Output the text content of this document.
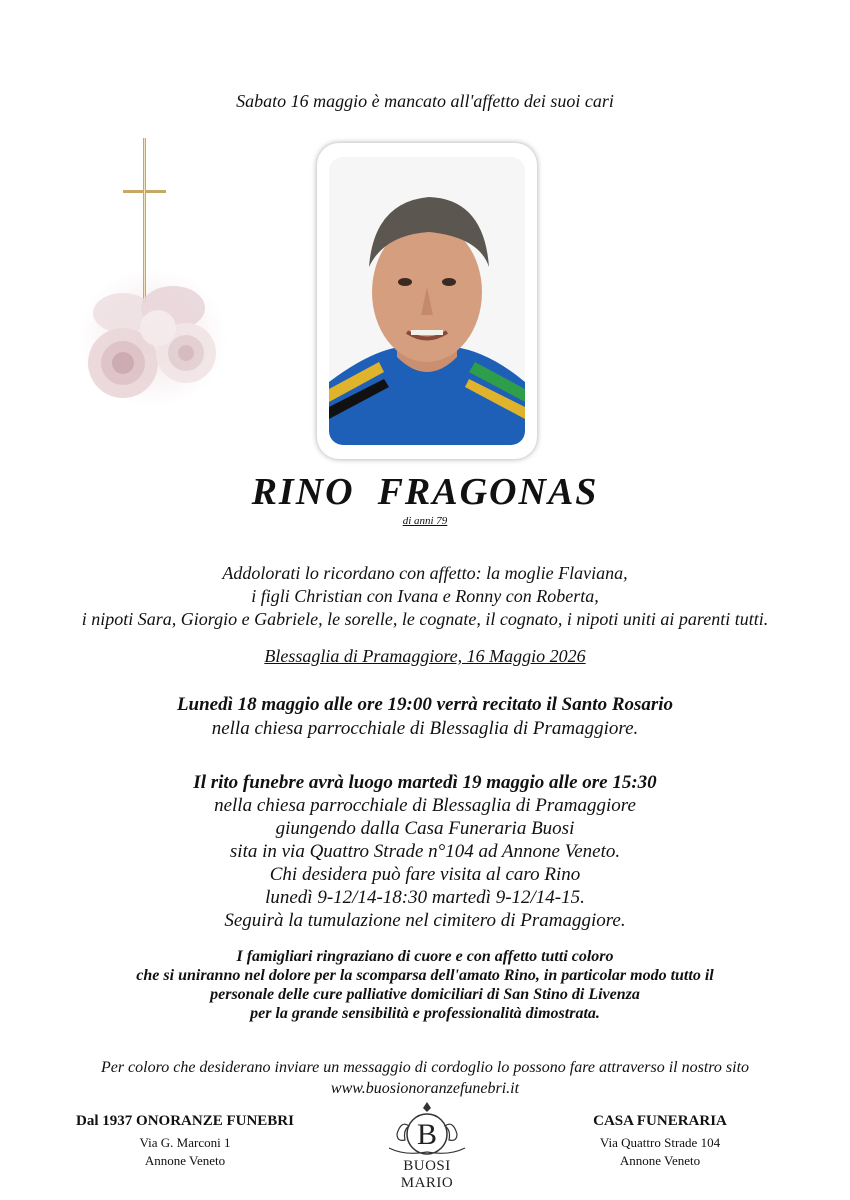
Sabato 16 maggio è mancato all'affetto dei suoi cari
RINO  FRAGONAS
di anni 79
Addolorati lo ricordano con affetto: la moglie Flaviana,
i figli Christian con Ivana e Ronny con Roberta,
i nipoti Sara, Giorgio e Gabriele, le sorelle, le cognate, il cognato, i nipoti uniti ai parenti tutti.
Blessaglia di Pramaggiore, 16 Maggio 2026
Lunedì 18 maggio alle ore 19:00 verrà recitato il Santo Rosario
nella chiesa parrocchiale di Blessaglia di Pramaggiore.
Il rito funebre avrà luogo martedì 19 maggio alle ore 15:30
nella chiesa parrocchiale di Blessaglia di Pramaggiore
giungendo dalla Casa Funeraria Buosi
sita in via Quattro Strade n°104 ad Annone Veneto.
Chi desidera può fare visita al caro Rino
lunedì 9-12/14-18:30 martedì 9-12/14-15.
Seguirà la tumulazione nel cimitero di Pramaggiore.
I famigliari ringraziano di cuore e con affetto tutti coloro
che si uniranno nel dolore per la scomparsa dell'amato Rino, in particolar modo tutto il
personale delle cure palliative domiciliari di San Stino di Livenza
per la grande sensibilità e professionalità dimostrata.
Per coloro che desiderano inviare un messaggio di cordoglio lo possono fare attraverso il nostro sito
www.buosionoranzefunebri.it
Dal 1937 ONORANZE FUNEBRI
Via G. Marconi 1
Annone Veneto
B
BUOSI MARIO
CASA FUNERARIA
Via Quattro Strade 104
Annone Veneto
